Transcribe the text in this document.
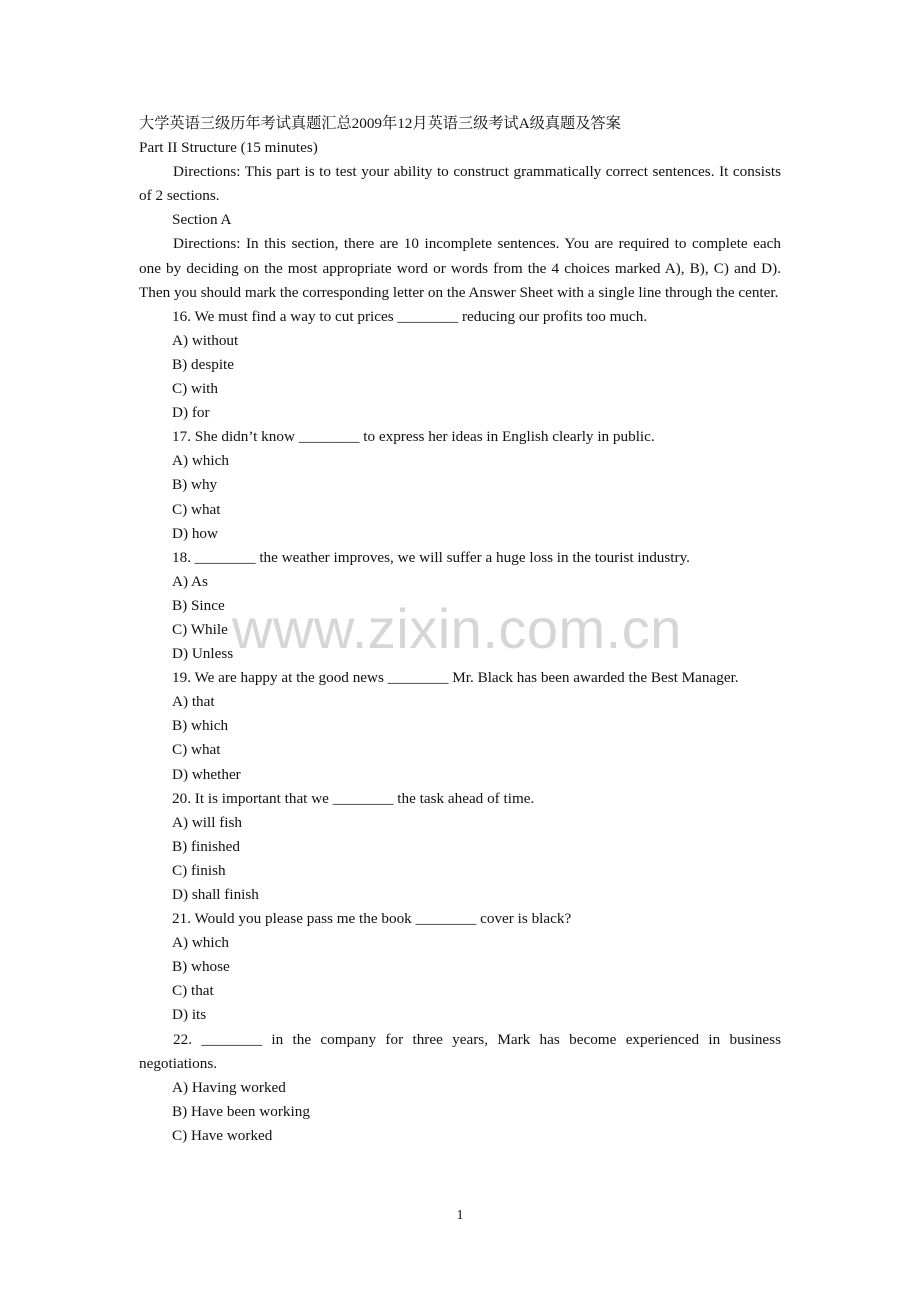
www.zixin.com.cn
大学英语三级历年考试真题汇总2009年12月英语三级考试A级真题及答案
Part II Structure (15 minutes)
Directions: This part is to test your ability to construct grammatically correct sentences. It consists of 2 sections.
Section A
Directions: In this section, there are 10 incomplete sentences. You are required to complete each one by deciding on the most appropriate word or words from the 4 choices marked A), B), C) and D). Then you should mark the corresponding letter on the Answer Sheet with a single line through the center.
16. We must find a way to cut prices ________ reducing our profits too much.
A) without
B) despite
C) with
D) for
17. She didn’t know ________ to express her ideas in English clearly in public.
A) which
B) why
C) what
D) how
18. ________ the weather improves, we will suffer a huge loss in the tourist industry.
A) As
B) Since
C) While
D) Unless
19. We are happy at the good news ________ Mr. Black has been awarded the Best Manager.
A) that
B) which
C) what
D) whether
20. It is important that we ________ the task ahead of time.
A) will fish
B) finished
C) finish
D) shall finish
21. Would you please pass me the book ________ cover is black?
A) which
B) whose
C) that
D) its
22. ________ in the company for three years, Mark has become experienced in business negotiations.
A) Having worked
B) Have been working
C) Have worked
1
